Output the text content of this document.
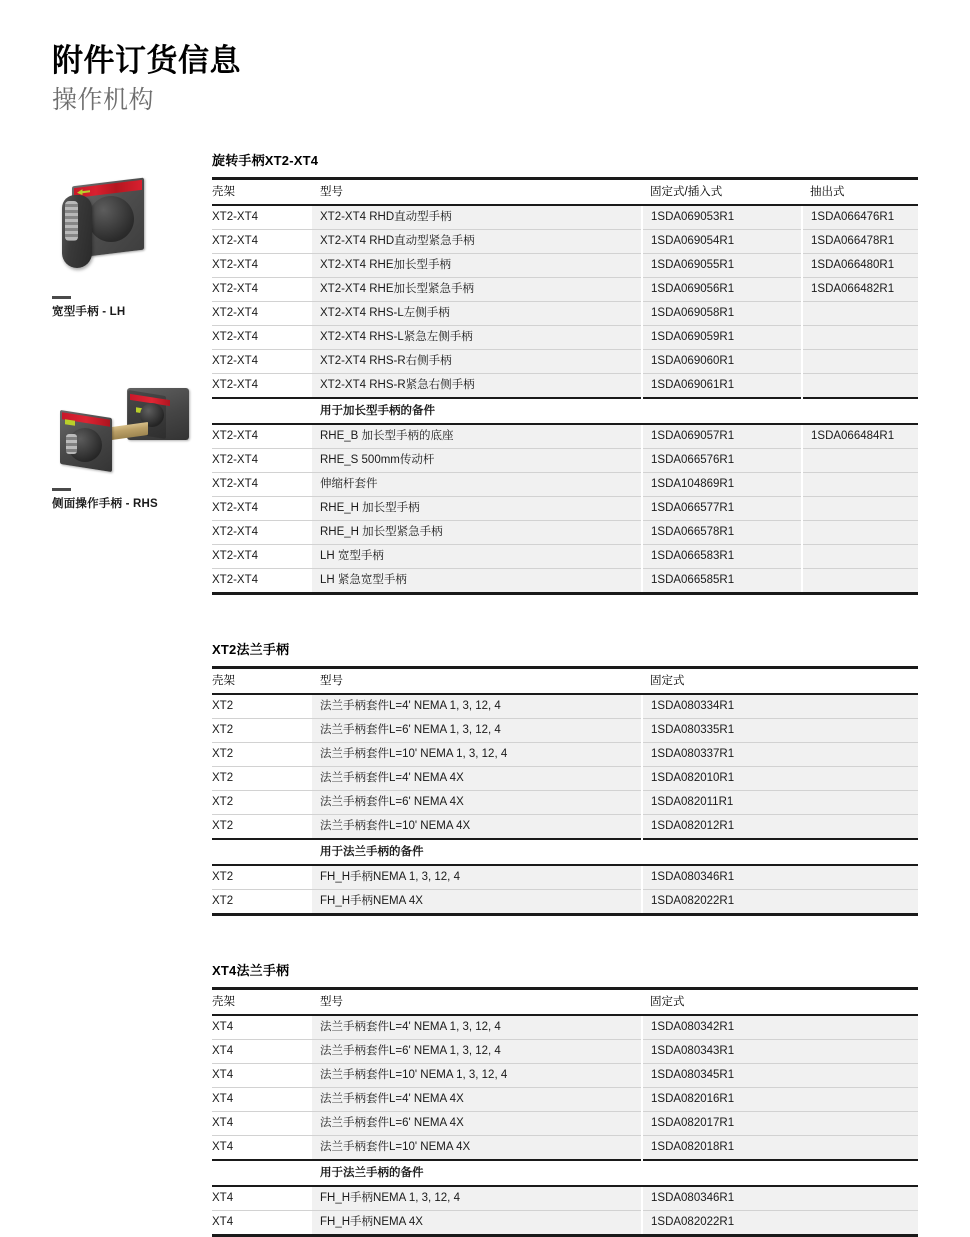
附件订货信息
操作机构
宽型手柄 - LH
侧面操作手柄 - RHS
旋转手柄XT2-XT4
壳架	型号	固定式/插入式	抽出式
XT2-XT4	XT2-XT4 RHD直动型手柄	1SDA069053R1	1SDA066476R1
XT2-XT4	XT2-XT4 RHD直动型紧急手柄	1SDA069054R1	1SDA066478R1
XT2-XT4	XT2-XT4 RHE加长型手柄	1SDA069055R1	1SDA066480R1
XT2-XT4	XT2-XT4 RHE加长型紧急手柄	1SDA069056R1	1SDA066482R1
XT2-XT4	XT2-XT4 RHS-L左侧手柄	1SDA069058R1	
XT2-XT4	XT2-XT4 RHS-L紧急左侧手柄	1SDA069059R1	
XT2-XT4	XT2-XT4 RHS-R右侧手柄	1SDA069060R1	
XT2-XT4	XT2-XT4 RHS-R紧急右侧手柄	1SDA069061R1	
	用于加长型手柄的备件		
XT2-XT4	RHE_B 加长型手柄的底座	1SDA069057R1	1SDA066484R1
XT2-XT4	RHE_S 500mm传动杆	1SDA066576R1	
XT2-XT4	伸缩杆套件	1SDA104869R1	
XT2-XT4	RHE_H 加长型手柄	1SDA066577R1	
XT2-XT4	RHE_H 加长型紧急手柄	1SDA066578R1	
XT2-XT4	LH 宽型手柄	1SDA066583R1	
XT2-XT4	LH 紧急宽型手柄	1SDA066585R1	
XT2法兰手柄
壳架	型号	固定式
XT2	法兰手柄套件L=4' NEMA 1, 3, 12, 4	1SDA080334R1
XT2	法兰手柄套件L=6' NEMA 1, 3, 12, 4	1SDA080335R1
XT2	法兰手柄套件L=10' NEMA 1, 3, 12, 4	1SDA080337R1
XT2	法兰手柄套件L=4' NEMA 4X	1SDA082010R1
XT2	法兰手柄套件L=6' NEMA 4X	1SDA082011R1
XT2	法兰手柄套件L=10' NEMA 4X	1SDA082012R1
	用于法兰手柄的备件	
XT2	FH_H手柄NEMA 1, 3, 12, 4	1SDA080346R1
XT2	FH_H手柄NEMA 4X	1SDA082022R1
XT4法兰手柄
壳架	型号	固定式
XT4	法兰手柄套件L=4' NEMA 1, 3, 12, 4	1SDA080342R1
XT4	法兰手柄套件L=6' NEMA 1, 3, 12, 4	1SDA080343R1
XT4	法兰手柄套件L=10' NEMA 1, 3, 12, 4	1SDA080345R1
XT4	法兰手柄套件L=4' NEMA 4X	1SDA082016R1
XT4	法兰手柄套件L=6' NEMA 4X	1SDA082017R1
XT4	法兰手柄套件L=10' NEMA 4X	1SDA082018R1
	用于法兰手柄的备件	
XT4	FH_H手柄NEMA 1, 3, 12, 4	1SDA080346R1
XT4	FH_H手柄NEMA 4X	1SDA082022R1
